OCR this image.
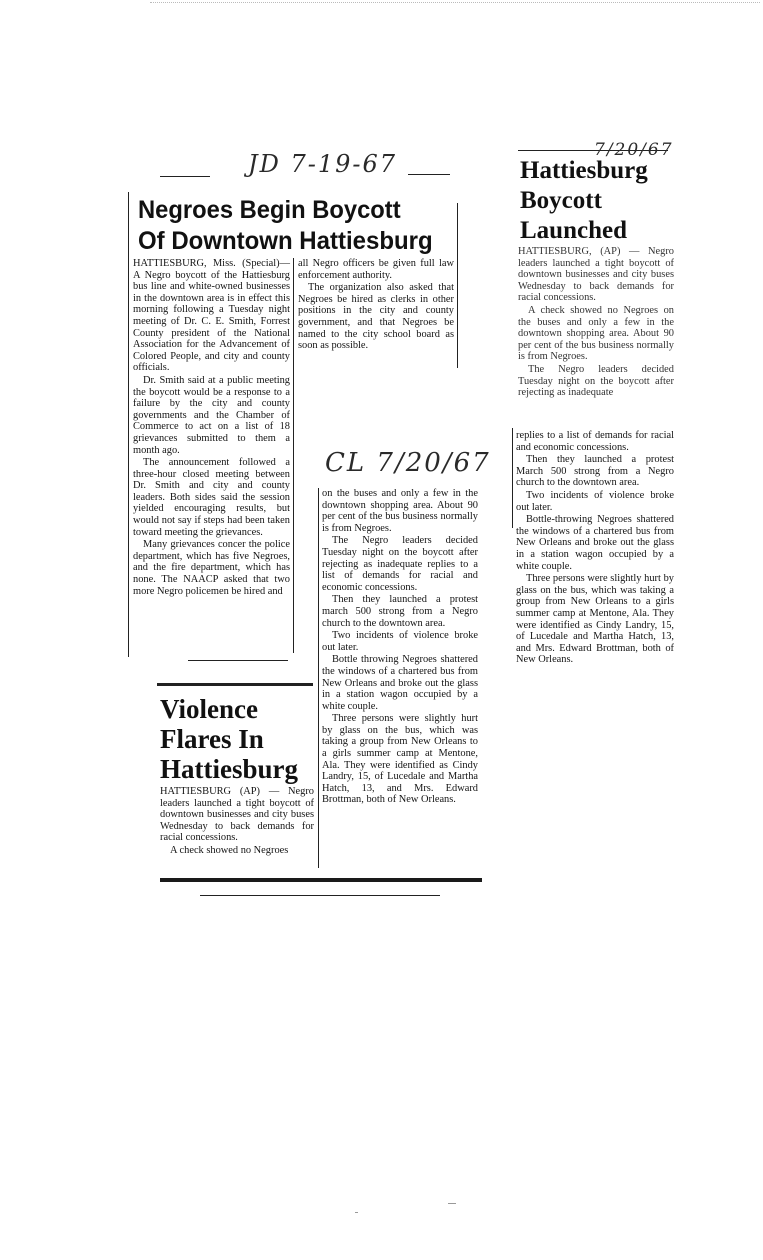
JD 7-19-67
Negroes Begin Boycott
Of Downtown Hattiesburg

HATTIESBURG, Miss. (Special)—A Negro boycott of the Hattiesburg bus line and white-owned businesses in the downtown area is in effect this morning following a Tuesday night meeting of Dr. C. E. Smith, Forrest County president of the National Association for the Advancement of Colored People, and city and county officials.

Dr. Smith said at a public meeting the boycott would be a response to a failure by the city and county governments and the Chamber of Commerce to act on a list of 18 grievances submitted to them a month ago.

The announcement followed a three-hour closed meeting between Dr. Smith and city and county leaders. Both sides said the session yielded encouraging results, but would not say if steps had been taken toward meeting the grievances.

Many grievances concer the police department, which has five Negroes, and the fire department, which has none. The NAACP asked that two more Negro policemen be hired and

all Negro officers be given full law enforcement authority.

The organization also asked that Negroes be hired as clerks in other positions in the city and county government, and that Negroes be named to the city school board as soon as possible.

CL 7/20/67
Violence
Flares In
Hattiesburg

HATTIESBURG (AP) — Negro leaders launched a tight boycott of downtown businesses and city buses Wednesday to back demands for racial concessions.

A check showed no Negroes

on the buses and only a few in the downtown shopping area. About 90 per cent of the bus business normally is from Negroes.

The Negro leaders decided Tuesday night on the boycott after rejecting as inadequate replies to a list of demands for racial and economic concessions.

Then they launched a protest march 500 strong from a Negro church to the downtown area.

Two incidents of violence broke out later.

Bottle throwing Negroes shattered the windows of a chartered bus from New Orleans and broke out the glass in a station wagon occupied by a white couple.

Three persons were slightly hurt by glass on the bus, which was taking a group from New Orleans to a girls summer camp at Mentone, Ala. They were identified as Cindy Landry, 15, of Lucedale and Martha Hatch, 13, and Mrs. Edward Brottman, both of New Orleans.

7/20/67
Hattiesburg
Boycott
Launched

HATTIESBURG, (AP) — Negro leaders launched a tight boycott of downtown businesses and city buses Wednesday to back demands for racial concessions.

A check showed no Negroes on the buses and only a few in the downtown shopping area. About 90 per cent of the bus business normally is from Negroes.

The Negro leaders decided Tuesday night on the boycott after rejecting as inadequate

replies to a list of demands for racial and economic concessions.

Then they launched a protest March 500 strong from a Negro church to the downtown area.

Two incidents of violence broke out later.

Bottle-throwing Negroes shattered the windows of a chartered bus from New Orleans and broke out the glass in a station wagon occupied by a white couple.

Three persons were slightly hurt by glass on the bus, which was taking a group from New Orleans to a girls summer camp at Mentone, Ala. They were identified as Cindy Landry, 15, of Lucedale and Martha Hatch, 13, and Mrs. Edward Brottman, both of New Orleans.
